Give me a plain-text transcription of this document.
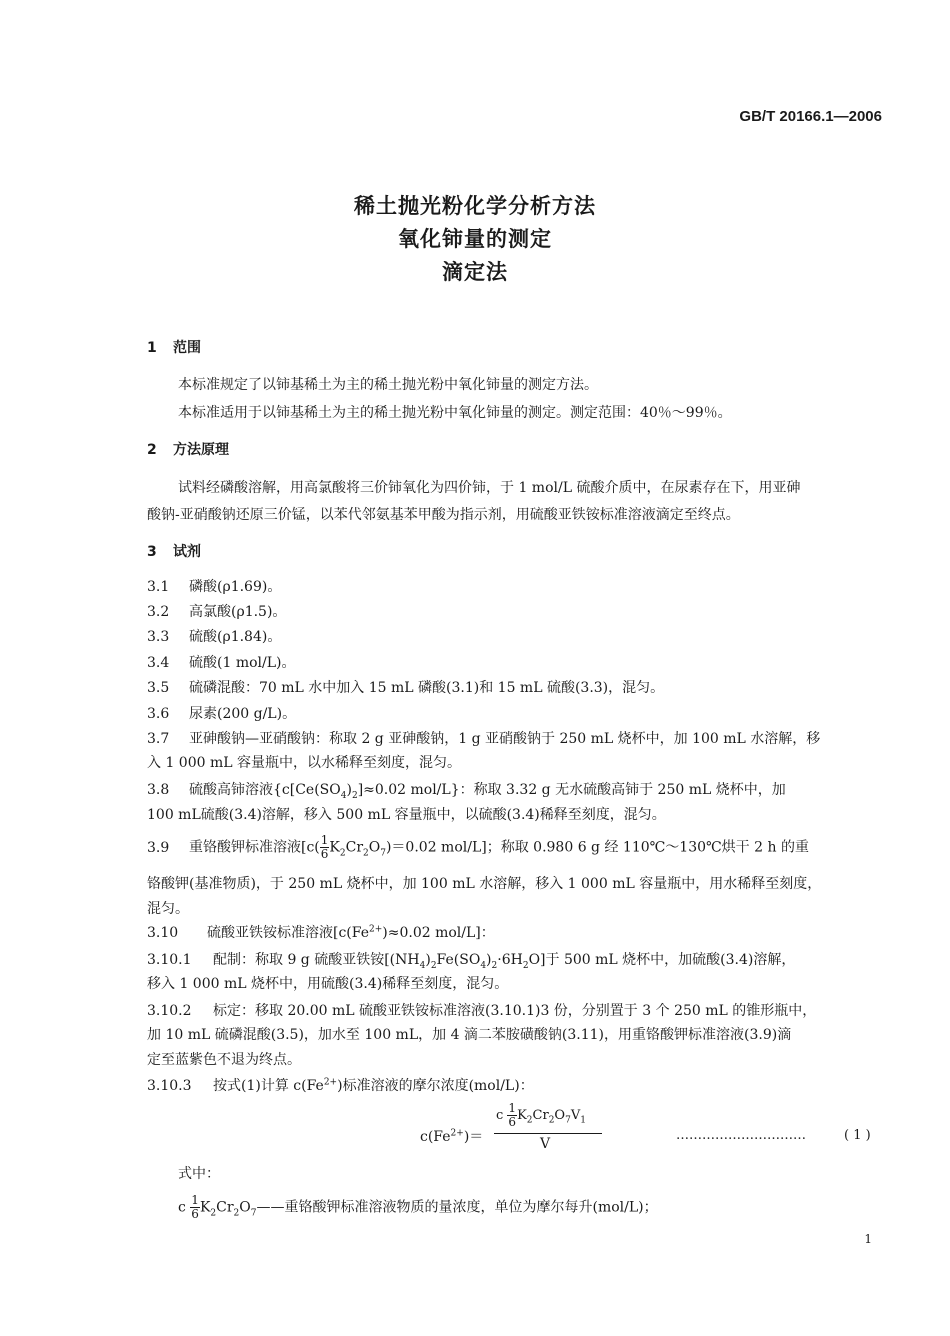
GB/T 20166.1—2006
稀土抛光粉化学分析方法
氧化铈量的测定
滴定法
1 范围
本标准规定了以铈基稀土为主的稀土抛光粉中氧化铈量的测定方法。
本标准适用于以铈基稀土为主的稀土抛光粉中氧化铈量的测定。测定范围：40％～99％。
2 方法原理
试料经磷酸溶解，用高氯酸将三价铈氧化为四价铈，于 1 mol/L 硫酸介质中，在尿素存在下，用亚砷
酸钠-亚硝酸钠还原三价锰，以苯代邻氨基苯甲酸为指示剂，用硫酸亚铁铵标准溶液滴定至终点。
3 试剂
3.1 磷酸(ρ1.69)。
3.2 高氯酸(ρ1.5)。
3.3 硫酸(ρ1.84)。
3.4 硫酸(1 mol/L)。
3.5 硫磷混酸：70 mL 水中加入 15 mL 磷酸(3.1)和 15 mL 硫酸(3.3)，混匀。
3.6 尿素(200 g/L)。
3.7 亚砷酸钠—亚硝酸钠：称取 2 g 亚砷酸钠，1 g 亚硝酸钠于 250 mL 烧杯中，加 100 mL 水溶解，移
入 1 000 mL 容量瓶中，以水稀释至刻度，混匀。
3.8 硫酸高铈溶液{$c[Ce(SO_4)_2]\approx 0.02$ mol/L}：称取 3.32 g 无水硫酸高铈于 250 mL 烧杯中，加
100 mL硫酸(3.4)溶解，移入 500 mL 容量瓶中，以硫酸(3.4)稀释至刻度，混匀。
3.9 重铬酸钾标准溶液[$c( \frac{1}{6} K_2Cr_2O_7)=0.02$ mol/L]；称取 0.980 6 g 经 110℃～130℃烘干 2 h 的重
铬酸钾(基准物质)，于 250 mL 烧杯中，加 100 mL 水溶解，移入 1 000 mL 容量瓶中，用水稀释至刻度，
混匀。
3.10 硫酸亚铁铵标准溶液[$c(Fe^{2+})\approx 0.02$ mol/L]：
3.10.1 配制：称取 9 g 硫酸亚铁铵$[(NH_4)_2Fe(SO_4)_2\cdot 6H_2O]$于 500 mL 烧杯中，加硫酸(3.4)溶解，
移入 1 000 mL 烧杯中，用硫酸(3.4)稀释至刻度，混匀。
3.10.2 标定：移取 20.00 mL 硫酸亚铁铵标准溶液(3.10.1)3 份，分别置于 3 个 250 mL 的锥形瓶中，
加 10 mL 硫磷混酸(3.5)，加水至 100 mL，加 4 滴二苯胺磺酸钠(3.11)，用重铬酸钾标准溶液(3.9)滴
定至蓝紫色不退为终点。
3.10.3 按式(1)计算 $c(Fe^{2+})$标准溶液的摩尔浓度(mol/L)：
$c(Fe^{2+})=$
c $\frac{1}{6} K_2Cr_2O_7V_1$
V
…………………………	( 1 )
式中：
c $\frac{1}{6}$ $K_2Cr_2O_7——$重铬酸钾标准溶液物质的量浓度，单位为摩尔每升(mol/L)；
1
